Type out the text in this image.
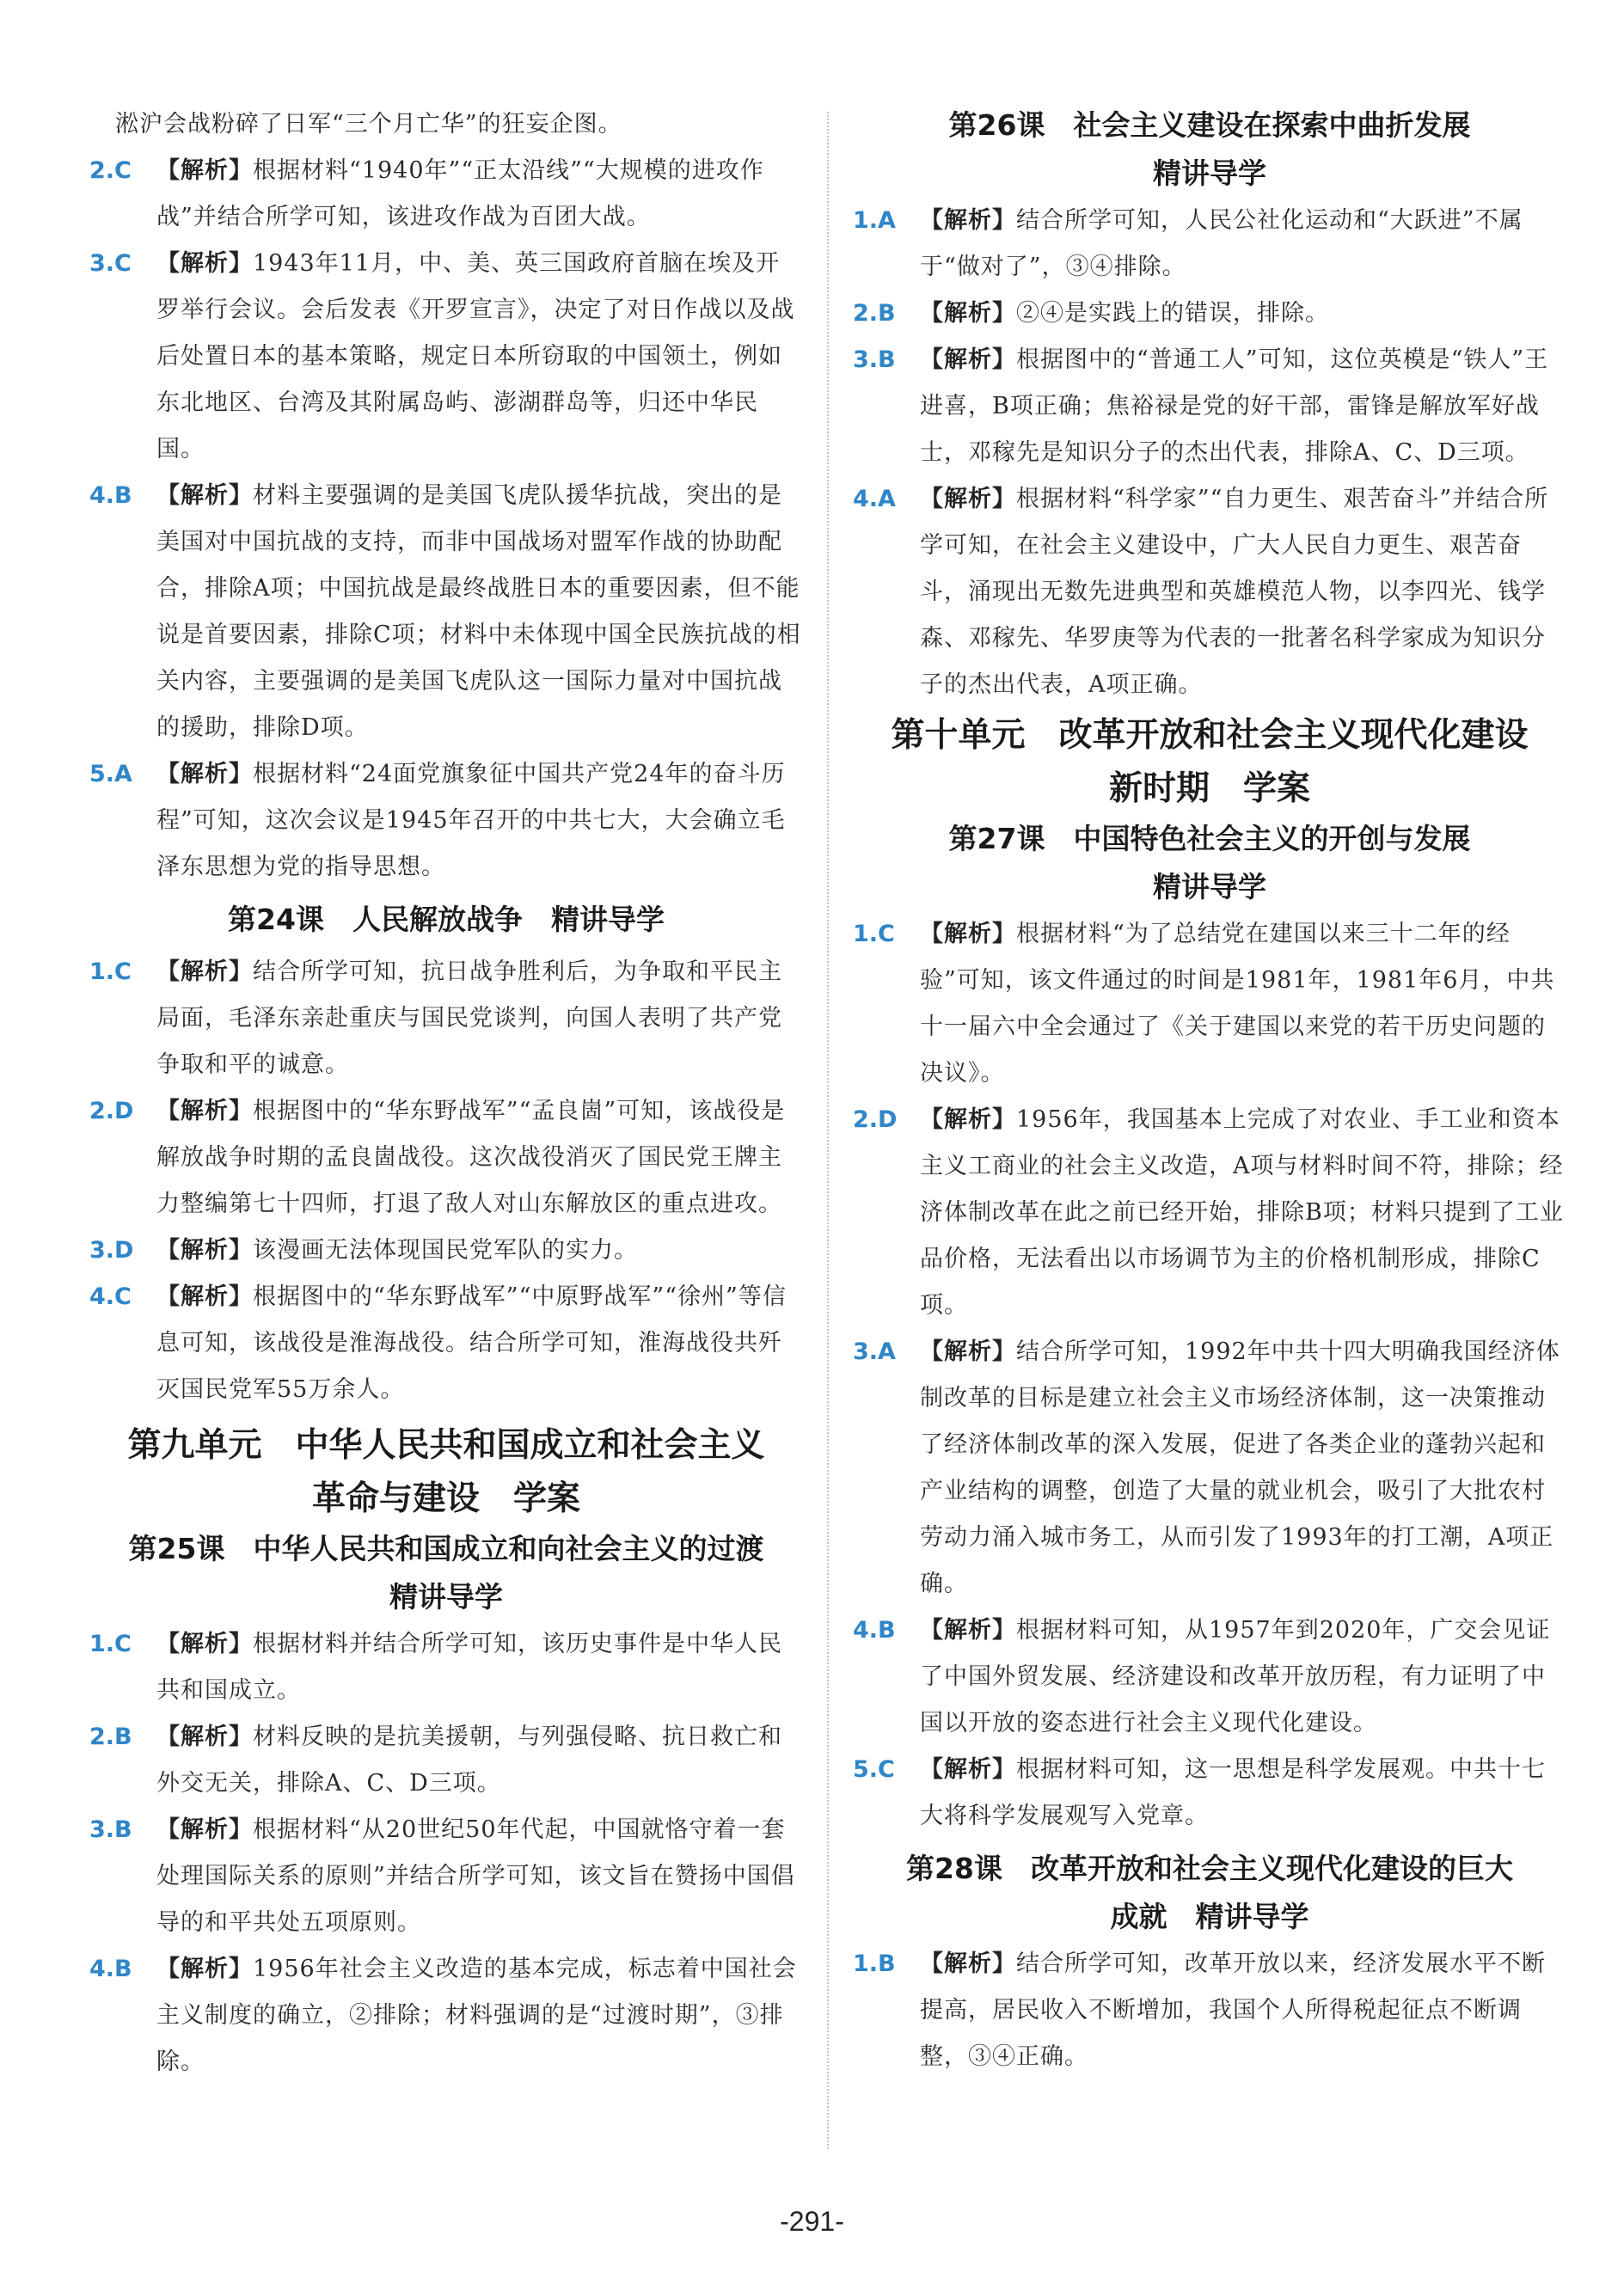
淞沪会战粉碎了日军“三个月亡华”的狂妄企图。
2.C	【解析】根据材料“1940年”“正太沿线”“大规模的进攻作战”并结合所学可知，该进攻作战为百团大战。
3.C	【解析】1943年11月，中、美、英三国政府首脑在埃及开罗举行会议。会后发表《开罗宣言》，决定了对日作战以及战后处置日本的基本策略，规定日本所窃取的中国领土，例如东北地区、台湾及其附属岛屿、澎湖群岛等，归还中华民国。
4.B	【解析】材料主要强调的是美国飞虎队援华抗战，突出的是美国对中国抗战的支持，而非中国战场对盟军作战的协助配合，排除A项；中国抗战是最终战胜日本的重要因素，但不能说是首要因素，排除C项；材料中未体现中国全民族抗战的相关内容，主要强调的是美国飞虎队这一国际力量对中国抗战的援助，排除D项。
5.A	【解析】根据材料“24面党旗象征中国共产党24年的奋斗历程”可知，这次会议是1945年召开的中共七大，大会确立毛泽东思想为党的指导思想。
第24课　人民解放战争　精讲导学
1.C	【解析】结合所学可知，抗日战争胜利后，为争取和平民主局面，毛泽东亲赴重庆与国民党谈判，向国人表明了共产党争取和平的诚意。
2.D 【解析】根据图中的“华东野战军”“孟良崮”可知，该战役是解放战争时期的孟良崮战役。这次战役消灭了国民党王牌主力整编第七十四师，打退了敌人对山东解放区的重点进攻。
3.D 【解析】该漫画无法体现国民党军队的实力。
4.C	【解析】根据图中的“华东野战军”“中原野战军”“徐州”等信息可知，该战役是淮海战役。结合所学可知，淮海战役共歼灭国民党军55万余人。
第九单元　中华人民共和国成立和社会主义
革命与建设　学案
第25课　中华人民共和国成立和向社会主义的过渡
精讲导学
1.C	【解析】根据材料并结合所学可知，该历史事件是中华人民共和国成立。
2.B	【解析】材料反映的是抗美援朝，与列强侵略、抗日救亡和外交无关，排除A、C、D三项。
3.B	【解析】根据材料“从20世纪50年代起，中国就恪守着一套处理国际关系的原则”并结合所学可知，该文旨在赞扬中国倡导的和平共处五项原则。
4.B	【解析】1956年社会主义改造的基本完成，标志着中国社会主义制度的确立，②排除；材料强调的是“过渡时期”，③排除。
第26课　社会主义建设在探索中曲折发展
精讲导学
1.A	【解析】结合所学可知，人民公社化运动和“大跃进”不属于“做对了”，③④排除。
2.B	【解析】②④是实践上的错误，排除。
3.B	【解析】根据图中的“普通工人”可知，这位英模是“铁人”王进喜，B项正确；焦裕禄是党的好干部，雷锋是解放军好战士，邓稼先是知识分子的杰出代表，排除A、C、D三项。
4.A	【解析】根据材料“科学家”“自力更生、艰苦奋斗”并结合所学可知，在社会主义建设中，广大人民自力更生、艰苦奋斗，涌现出无数先进典型和英雄模范人物，以李四光、钱学森、邓稼先、华罗庚等为代表的一批著名科学家成为知识分子的杰出代表，A项正确。
第十单元　改革开放和社会主义现代化建设
新时期　学案
第27课　中国特色社会主义的开创与发展
精讲导学
1.C	【解析】根据材料“为了总结党在建国以来三十二年的经验”可知，该文件通过的时间是1981年，1981年6月，中共十一届六中全会通过了《关于建国以来党的若干历史问题的决议》。
2.D 【解析】1956年，我国基本上完成了对农业、手工业和资本主义工商业的社会主义改造，A项与材料时间不符，排除；经济体制改革在此之前已经开始，排除B项；材料只提到了工业品价格，无法看出以市场调节为主的价格机制形成，排除C项。
3.A	【解析】结合所学可知，1992年中共十四大明确我国经济体制改革的目标是建立社会主义市场经济体制，这一决策推动了经济体制改革的深入发展，促进了各类企业的蓬勃兴起和产业结构的调整，创造了大量的就业机会，吸引了大批农村劳动力涌入城市务工，从而引发了1993年的打工潮，A项正确。
4.B	【解析】根据材料可知，从1957年到2020年，广交会见证了中国外贸发展、经济建设和改革开放历程，有力证明了中国以开放的姿态进行社会主义现代化建设。
5.C	【解析】根据材料可知，这一思想是科学发展观。中共十七大将科学发展观写入党章。
第28课　改革开放和社会主义现代化建设的巨大
成就　精讲导学
1.B	【解析】结合所学可知，改革开放以来，经济发展水平不断提高，居民收入不断增加，我国个人所得税起征点不断调整，③④正确。
-291-
